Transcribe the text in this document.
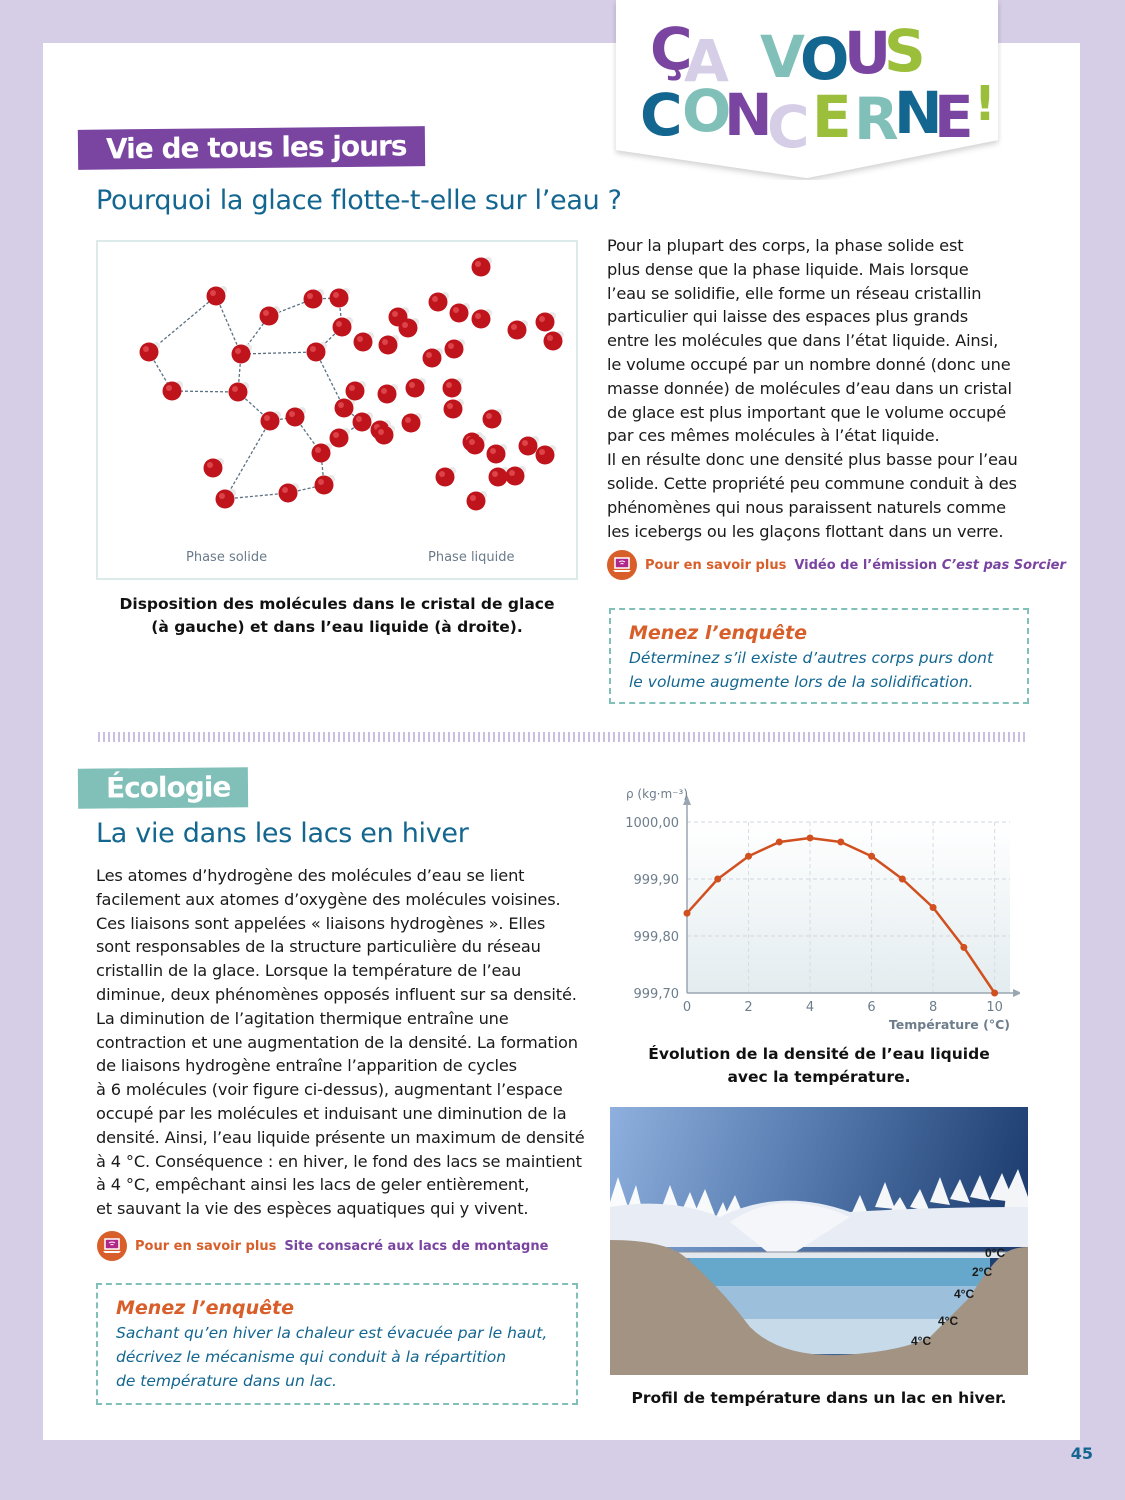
Ç
A V
O
U
S
C O
N
C E R
N
E !
Vie de tous les jours
Pourquoi la glace flotte-t-elle sur l’eau ?
Phase solide	Phase liquide
Disposition des molécules dans le cristal de glace
(à gauche) et dans l’eau liquide (à droite).
Pour la plupart des corps, la phase solide est
plus dense que la phase liquide. Mais lorsque
l’eau se solidifie, elle forme un réseau cristallin
particulier qui laisse des espaces plus grands
entre les molécules que dans l’état liquide. Ainsi,
le volume occupé par un nombre donné (donc une
masse donnée) de molécules d’eau dans un cristal
de glace est plus important que le volume occupé
par ces mêmes molécules à l’état liquide.
Il en résulte donc une densité plus basse pour l’eau
solide. Cette propriété peu commune conduit à des
phénomènes qui nous paraissent naturels comme
les icebergs ou les glaçons flottant dans un verre.
Pour en savoir plus Vidéo de l’émission C’est pas Sorcier
Menez l’enquête
Déterminez s’il existe d’autres corps purs dont
le volume augmente lors de la solidification.
Écologie
La vie dans les lacs en hiver
Les atomes d’hydrogène des molécules d’eau se lient
facilement aux atomes d’oxygène des molécules voisines.
Ces liaisons sont appelées « liaisons hydrogènes ». Elles
sont responsables de la structure particulière du réseau
cristallin de la glace. Lorsque la température de l’eau
diminue, deux phénomènes opposés influent sur sa densité.
La diminution de l’agitation thermique entraîne une
contraction et une augmentation de la densité. La formation
de liaisons hydrogène entraîne l’apparition de cycles
à 6 molécules (voir figure ci-dessus), augmentant l’espace
occupé par les molécules et induisant une diminution de la
densité. Ainsi, l’eau liquide présente un maximum de densité
à 4 °C. Conséquence : en hiver, le fond des lacs se maintient
à 4 °C, empêchant ainsi les lacs de geler entièrement,
et sauvant la vie des espèces aquatiques qui y vivent.
Pour en savoir plus Site consacré aux lacs de montagne
Menez l’enquête
Sachant qu’en hiver la chaleur est évacuée par le haut,
décrivez le mécanisme qui conduit à la répartition
de température dans un lac.
999,70
999,80
999,90
1000,00
0	2	4	6	8	10
ρ (kg·m⁻³)
Température (°C)
Évolution de la densité de l’eau liquide
avec la température.
0°C
2°C
4°C
4°C
4°C
Profil de température dans un lac en hiver.
45
